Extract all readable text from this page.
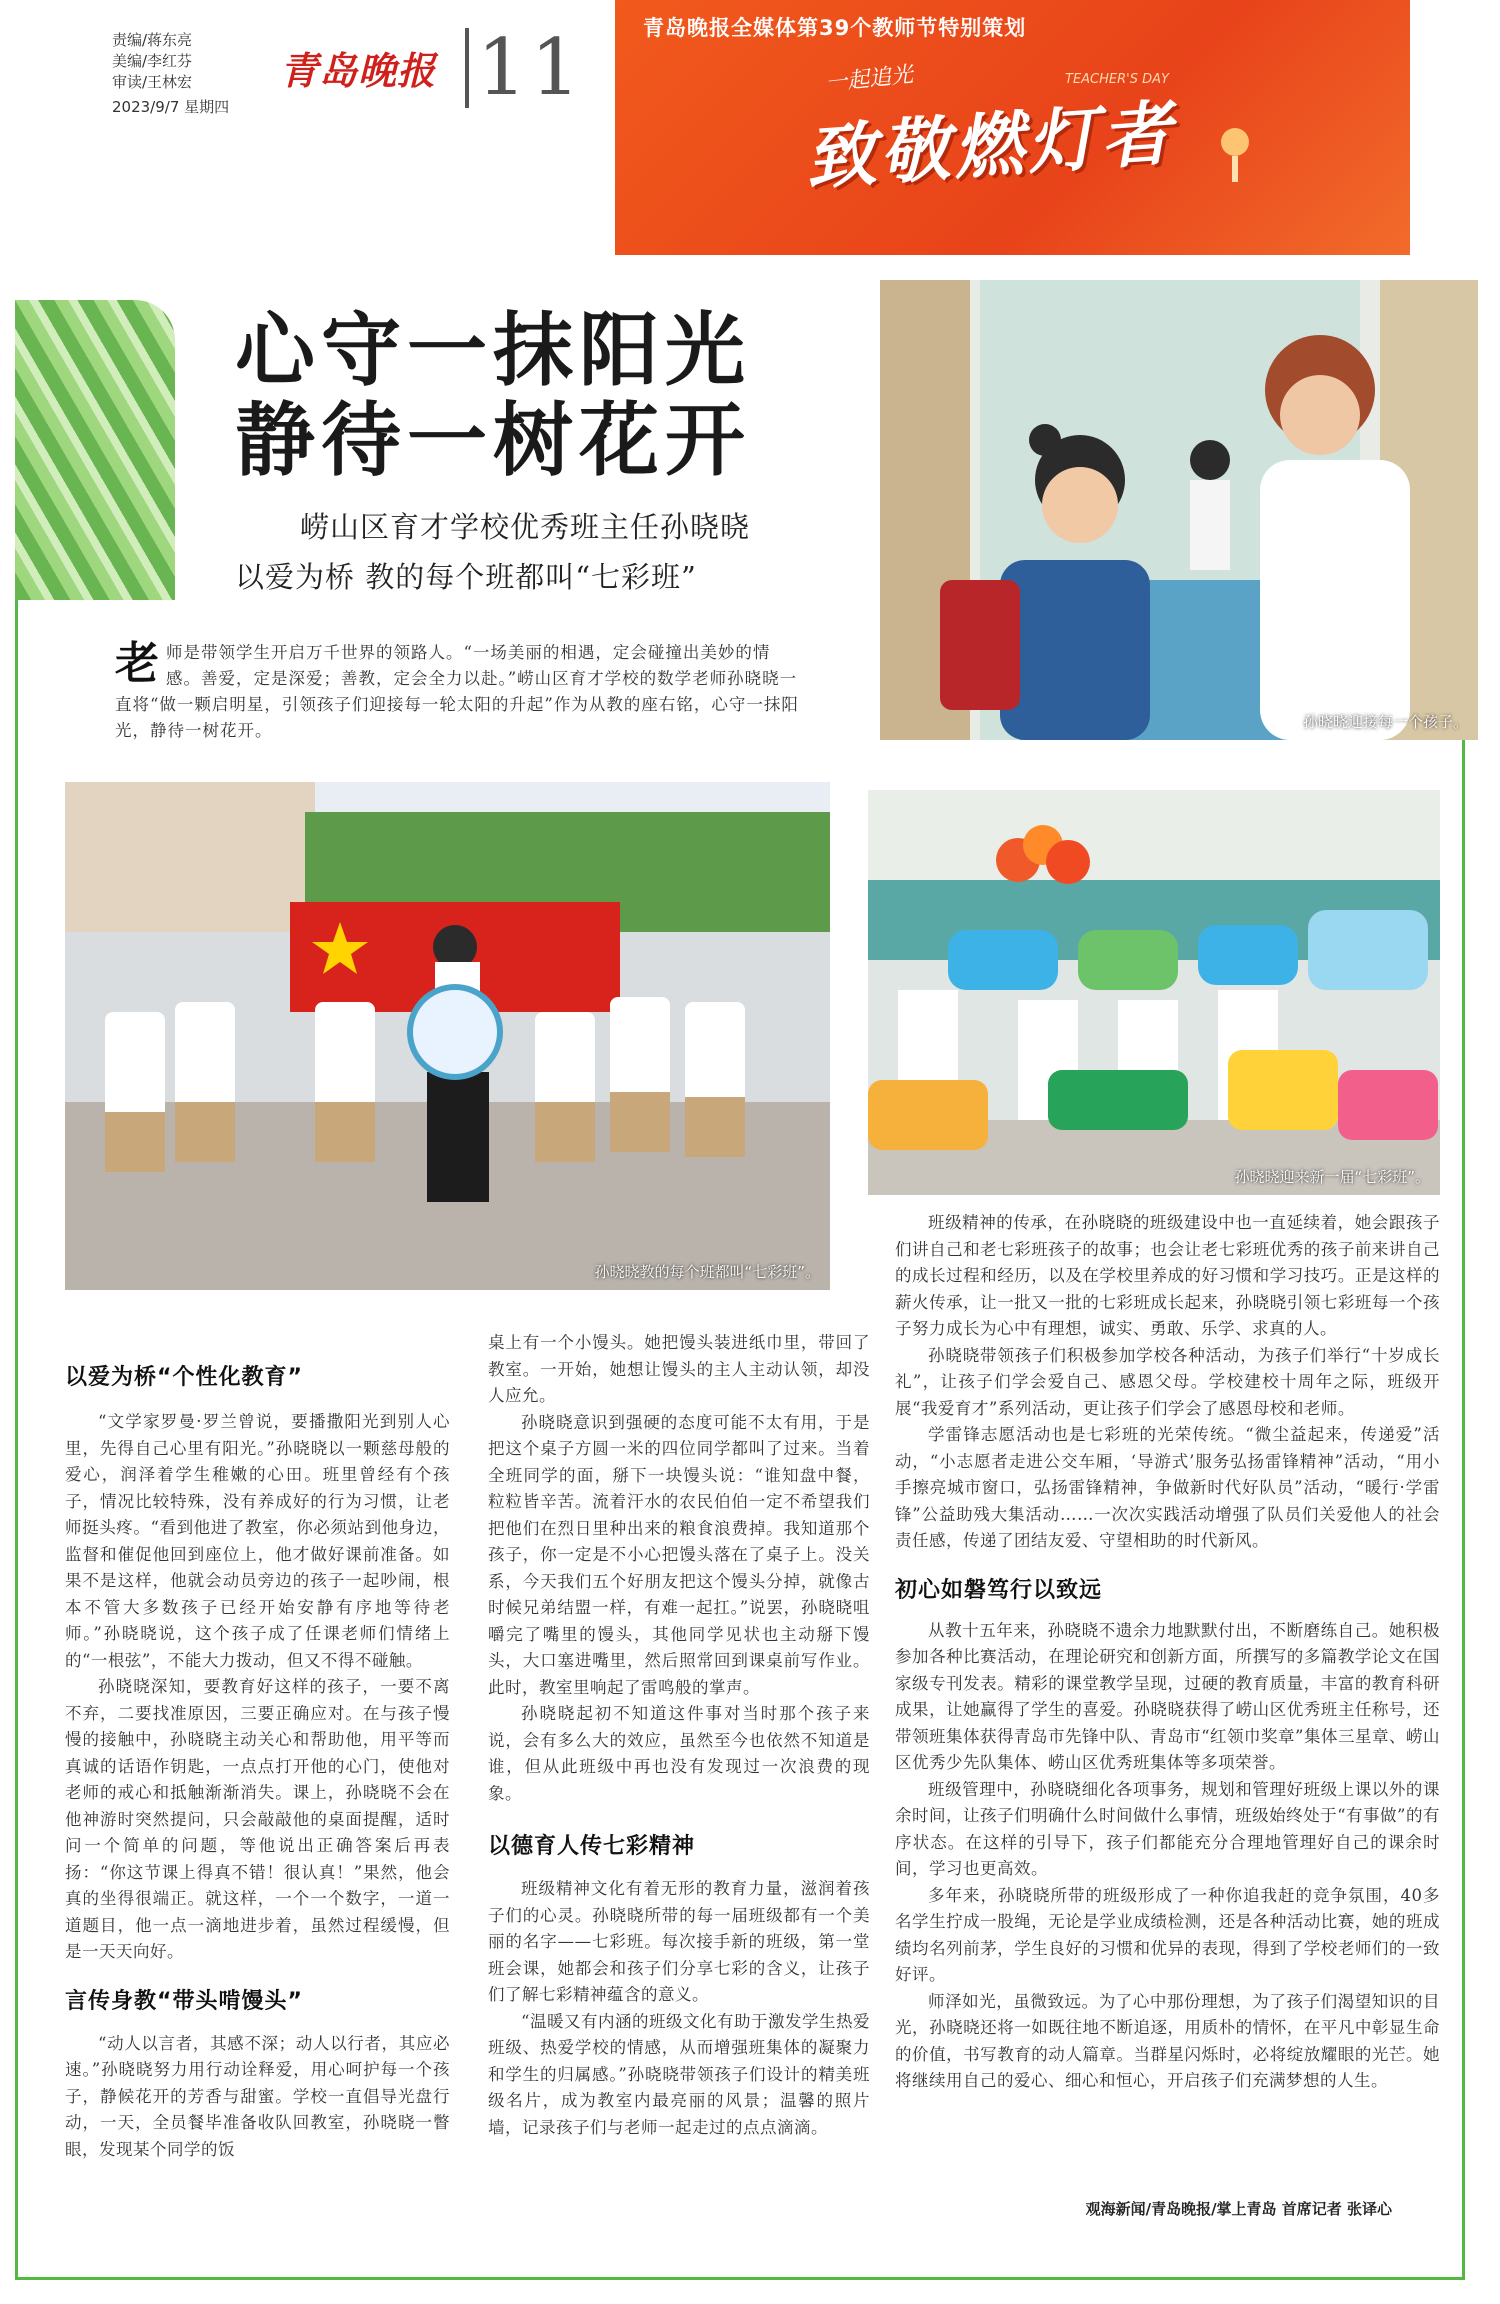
责编/蒋东亮
美编/李红芬
审读/王林宏
2023/9/7 星期四
青岛晚报 11	青岛晚报全媒体第39个教师节特别策划
一起追光	TEACHER'S DAY
致敬燃灯者
心守一抹阳光
静待一树花开
崂山区育才学校优秀班主任孙晓晓
以爱为桥 教的每个班都叫“七彩班”
老 师是带领学生开启万千世界的领路人。“一场美丽的相遇，定会碰撞出美妙的情感。善爱，定是深爱；善教，定会全力以赴。”崂山区育才学校的数学老师孙晓晓一直将“做一颗启明星，引领孩子们迎接每一轮太阳的升起”作为从教的座右铭，心守一抹阳光，静待一树花开。	孙晓晓迎接每一个孩子。
孙晓晓教的每个班都叫“七彩班”。
孙晓晓迎来新一届“七彩班”。
以爱为桥“个性化教育”

“文学家罗曼·罗兰曾说，要播撒阳光到别人心里，先得自己心里有阳光。”孙晓晓以一颗慈母般的爱心，润泽着学生稚嫩的心田。班里曾经有个孩子，情况比较特殊，没有养成好的行为习惯，让老师挺头疼。“看到他进了教室，你必须站到他身边，监督和催促他回到座位上，他才做好课前准备。如果不是这样，他就会动员旁边的孩子一起吵闹，根本不管大多数孩子已经开始安静有序地等待老师。”孙晓晓说，这个孩子成了任课老师们情绪上的“一根弦”，不能大力拨动，但又不得不碰触。

孙晓晓深知，要教育好这样的孩子，一要不离不弃，二要找准原因，三要正确应对。在与孩子慢慢的接触中，孙晓晓主动关心和帮助他，用平等而真诚的话语作钥匙，一点点打开他的心门，使他对老师的戒心和抵触渐渐消失。课上，孙晓晓不会在他神游时突然提问，只会敲敲他的桌面提醒，适时问一个简单的问题，等他说出正确答案后再表扬：“你这节课上得真不错！很认真！”果然，他会真的坐得很端正。就这样，一个一个数字，一道一道题目，他一点一滴地进步着，虽然过程缓慢，但是一天天向好。

言传身教“带头啃馒头”

“动人以言者，其感不深；动人以行者，其应必速。”孙晓晓努力用行动诠释爱，用心呵护每一个孩子，静候花开的芳香与甜蜜。学校一直倡导光盘行动，一天，全员餐毕准备收队回教室，孙晓晓一瞥眼，发现某个同学的饭

桌上有一个小馒头。她把馒头装进纸巾里，带回了教室。一开始，她想让馒头的主人主动认领，却没人应允。

孙晓晓意识到强硬的态度可能不太有用，于是把这个桌子方圆一米的四位同学都叫了过来。当着全班同学的面，掰下一块馒头说：“谁知盘中餐，粒粒皆辛苦。流着汗水的农民伯伯一定不希望我们把他们在烈日里种出来的粮食浪费掉。我知道那个孩子，你一定是不小心把馒头落在了桌子上。没关系，今天我们五个好朋友把这个馒头分掉，就像古时候兄弟结盟一样，有难一起扛。”说罢，孙晓晓咀嚼完了嘴里的馒头，其他同学见状也主动掰下馒头，大口塞进嘴里，然后照常回到课桌前写作业。此时，教室里响起了雷鸣般的掌声。

孙晓晓起初不知道这件事对当时那个孩子来说，会有多么大的效应，虽然至今也依然不知道是谁，但从此班级中再也没有发现过一次浪费的现象。

以德育人传七彩精神

班级精神文化有着无形的教育力量，滋润着孩子们的心灵。孙晓晓所带的每一届班级都有一个美丽的名字——七彩班。每次接手新的班级，第一堂班会课，她都会和孩子们分享七彩的含义，让孩子们了解七彩精神蕴含的意义。

“温暖又有内涵的班级文化有助于激发学生热爱班级、热爱学校的情感，从而增强班集体的凝聚力和学生的归属感。”孙晓晓带领孩子们设计的精美班级名片，成为教室内最亮丽的风景；温馨的照片墙，记录孩子们与老师一起走过的点点滴滴。

班级精神的传承，在孙晓晓的班级建设中也一直延续着，她会跟孩子们讲自己和老七彩班孩子的故事；也会让老七彩班优秀的孩子前来讲自己的成长过程和经历，以及在学校里养成的好习惯和学习技巧。正是这样的薪火传承，让一批又一批的七彩班成长起来，孙晓晓引领七彩班每一个孩子努力成长为心中有理想，诚实、勇敢、乐学、求真的人。

孙晓晓带领孩子们积极参加学校各种活动，为孩子们举行“十岁成长礼”，让孩子们学会爱自己、感恩父母。学校建校十周年之际，班级开展“我爱育才”系列活动，更让孩子们学会了感恩母校和老师。

学雷锋志愿活动也是七彩班的光荣传统。“微尘益起来，传递爱”活动，“小志愿者走进公交车厢，‘导游式’服务弘扬雷锋精神”活动，“用小手擦亮城市窗口，弘扬雷锋精神，争做新时代好队员”活动，“暖行·学雷锋”公益助残大集活动……一次次实践活动增强了队员们关爱他人的社会责任感，传递了团结友爱、守望相助的时代新风。

初心如磐笃行以致远

从教十五年来，孙晓晓不遗余力地默默付出，不断磨练自己。她积极参加各种比赛活动，在理论研究和创新方面，所撰写的多篇教学论文在国家级专刊发表。精彩的课堂教学呈现，过硬的教育质量，丰富的教育科研成果，让她赢得了学生的喜爱。孙晓晓获得了崂山区优秀班主任称号，还带领班集体获得青岛市先锋中队、青岛市“红领巾奖章”集体三星章、崂山区优秀少先队集体、崂山区优秀班集体等多项荣誉。

班级管理中，孙晓晓细化各项事务，规划和管理好班级上课以外的课余时间，让孩子们明确什么时间做什么事情，班级始终处于“有事做”的有序状态。在这样的引导下，孩子们都能充分合理地管理好自己的课余时间，学习也更高效。

多年来，孙晓晓所带的班级形成了一种你追我赶的竞争氛围，40多名学生拧成一股绳，无论是学业成绩检测，还是各种活动比赛，她的班成绩均名列前茅，学生良好的习惯和优异的表现，得到了学校老师们的一致好评。

师泽如光，虽微致远。为了心中那份理想，为了孩子们渴望知识的目光，孙晓晓还将一如既往地不断追逐，用质朴的情怀，在平凡中彰显生命的价值，书写教育的动人篇章。当群星闪烁时，必将绽放耀眼的光芒。她将继续用自己的爱心、细心和恒心，开启孩子们充满梦想的人生。

观海新闻/青岛晚报/掌上青岛 首席记者 张译心
